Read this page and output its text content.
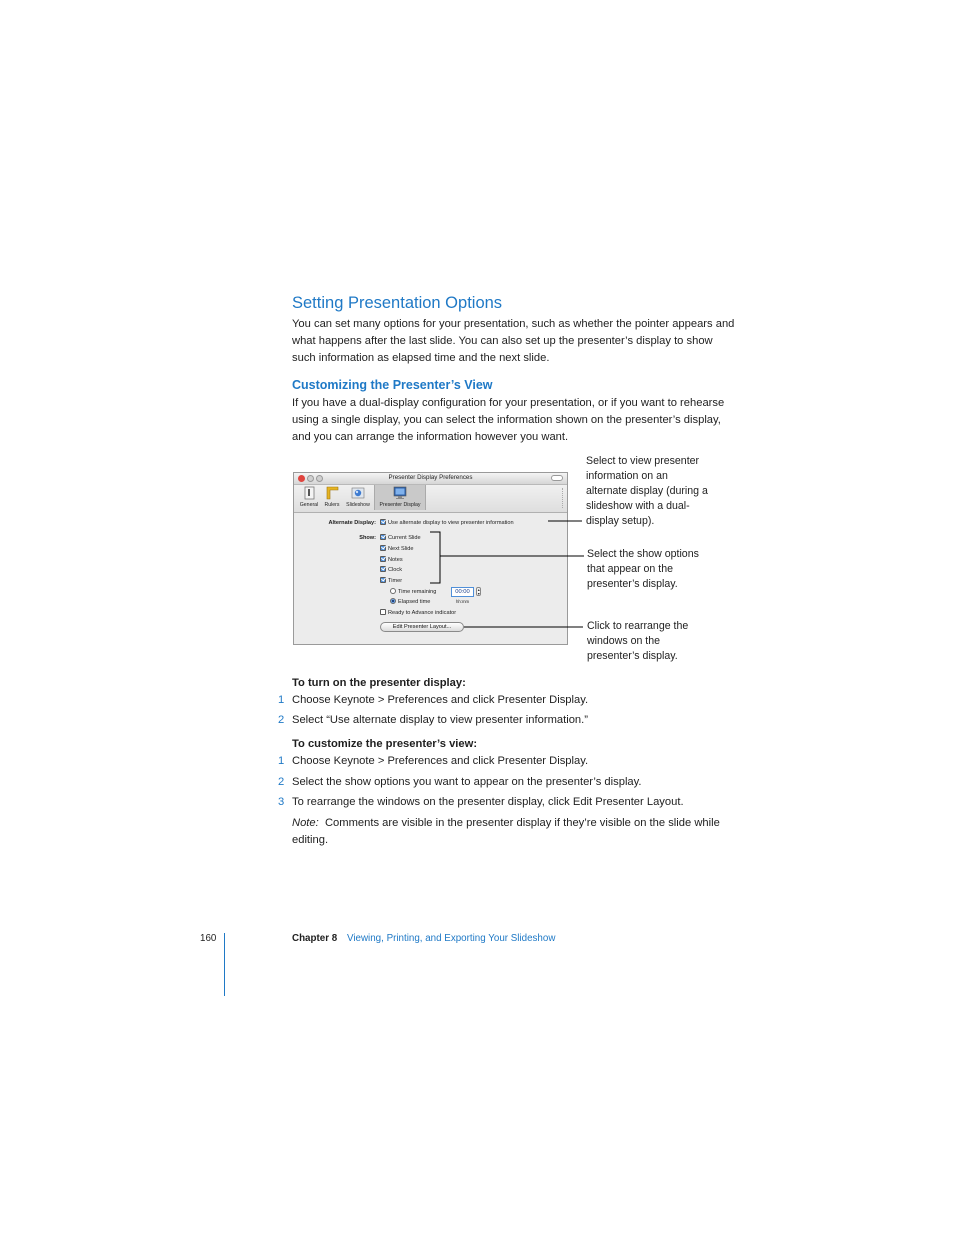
Setting Presentation Options
You can set many options for your presentation, such as whether the pointer appears and what happens after the last slide. You can also set up the presenter’s display to show such information as elapsed time and the next slide.
Customizing the Presenter’s View
If you have a dual-display configuration for your presentation, or if you want to rehearse using a single display, you can select the information shown on the presenter’s display, and you can arrange the information however you want.
Presenter Display Preferences
General	Rulers	Slideshow	Presenter Display
Alternate Display:	Use alternate display to view presenter information
Show:	Current Slide
Next Slide
Notes
Clock
Timer
Time remaining
Elapsed time
00:00	▲
▼
hh:mm
Ready to Advance indicator
Edit Presenter Layout...
Select to view presenter information on an alternate display (during a slideshow with a dual-display setup).
Select the show options that appear on the presenter’s display.
Click to rearrange the windows on the presenter’s display.
To turn on the presenter display:
1 Choose Keynote > Preferences and click Presenter Display.
2 Select “Use alternate display to view presenter information.”
To customize the presenter’s view:
1 Choose Keynote > Preferences and click Presenter Display.
2 Select the show options you want to appear on the presenter’s display.
3 To rearrange the windows on the presenter display, click Edit Presenter Layout.
Note: Comments are visible in the presenter display if they’re visible on the slide while editing.
160	Chapter 8 Viewing, Printing, and Exporting Your Slideshow
